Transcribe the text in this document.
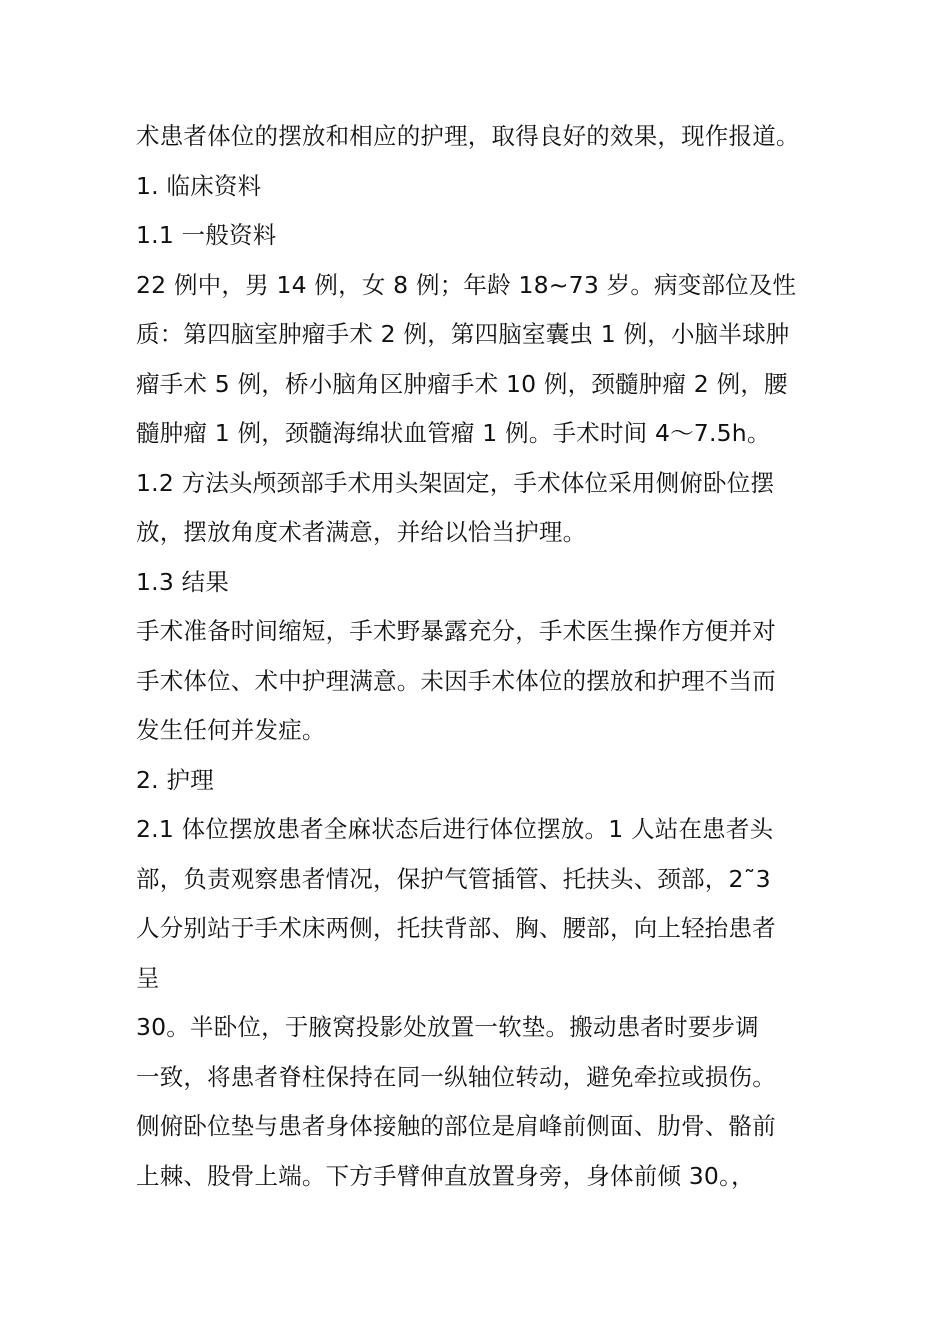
术患者体位的摆放和相应的护理，取得良好的效果，现作报道。
1. 临床资料
1.1 一般资料
22 例中，男 14 例，女 8 例；年龄 18~73 岁。病变部位及性
质：第四脑室肿瘤手术 2 例，第四脑室囊虫 1 例，小脑半球肿
瘤手术 5 例，桥小脑角区肿瘤手术 10 例，颈髓肿瘤 2 例，腰
髓肿瘤 1 例，颈髓海绵状血管瘤 1 例。手术时间 4～7.5h。
1.2 方法头颅颈部手术用头架固定，手术体位采用侧俯卧位摆
放，摆放角度术者满意，并给以恰当护理。
1.3 结果
手术准备时间缩短，手术野暴露充分，手术医生操作方便并对
手术体位、术中护理满意。未因手术体位的摆放和护理不当而
发生任何并发症。
2. 护理
2.1 体位摆放患者全麻状态后进行体位摆放。1 人站在患者头
部，负责观察患者情况，保护气管插管、托扶头、颈部，2˜3
人分别站于手术床两侧，托扶背部、胸、腰部，向上轻抬患者
呈
30。半卧位，于腋窝投影处放置一软垫。搬动患者时要步调
一致，将患者脊柱保持在同一纵轴位转动，避免牵拉或损伤。
侧俯卧位垫与患者身体接触的部位是肩峰前侧面、肋骨、骼前
上棘、股骨上端。下方手臂伸直放置身旁，身体前倾 30。，
